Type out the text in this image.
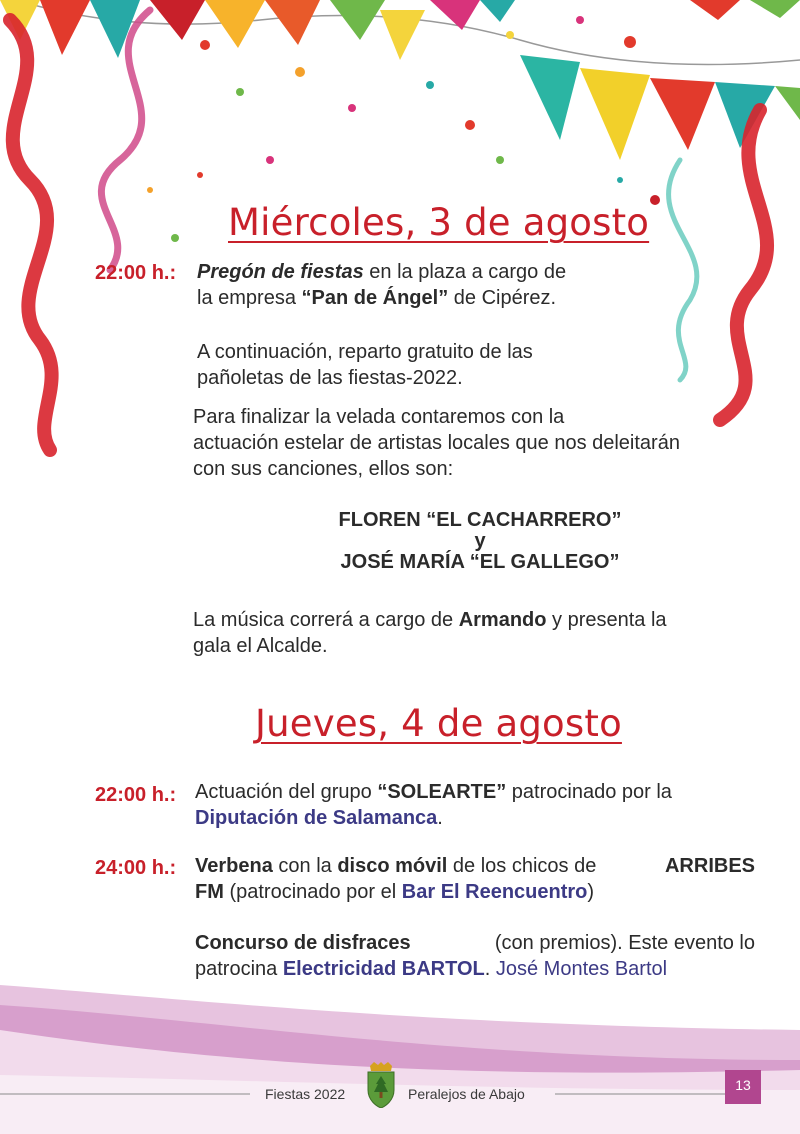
Miércoles, 3 de agosto
22:00 h.: Pregón de fiestas en la plaza a cargo de
la empresa “Pan de Ángel” de Cipérez.
A continuación, reparto gratuito de las
pañoletas de las fiestas-2022.
Para finalizar la velada contaremos con la
actuación estelar de artistas locales que nos deleitarán
con sus canciones, ellos son:
FLOREN “EL CACHARRERO”
y
JOSÉ MARÍA “EL GALLEGO”
La música correrá a cargo de Armando y presenta la
gala el Alcalde.
Jueves, 4 de agosto
22:00 h.: Actuación del grupo “SOLEARTE” patrocinado por la
Diputación de Salamanca.
24:00 h.: Verbena con la disco móvil de los chicos de	ARRIBES
FM (patrocinado por el Bar El Reencuentro)
Concurso de disfraces	(con premios). Este evento lo
patrocina Electricidad BARTOL. José Montes Bartol
Fiestas 2022	Peralejos de Abajo
13
